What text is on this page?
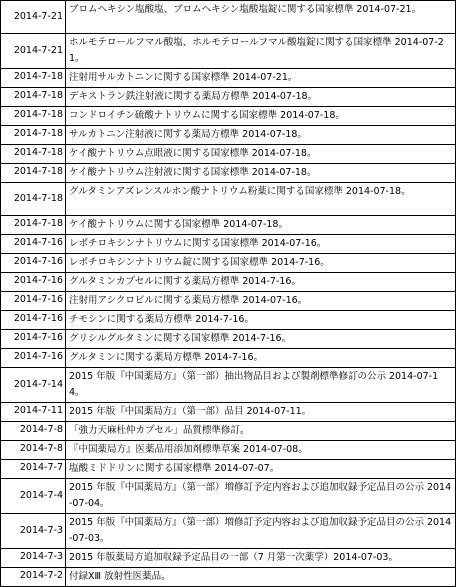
2014-7-21	ブロムヘキシン塩酸塩、ブロムヘキシン塩酸塩錠に関する国家標準 2014-07-21。
2014-7-21	ホルモテロールフマル酸塩、ホルモテロールフマル酸塩錠に関する国家標準 2014-07-21。
2014-7-18	注射用サルカトニンに関する国家標準 2014-07-21。
2014-7-18	デキストラン鉄注射液に関する薬局方標準 2014-07-18。
2014-7-18	コンドロイチン硫酸ナトリウムに関する国家標準 2014-07-18。
2014-7-18	サルカトニン注射液に関する薬局方標準 2014-07-18。
2014-7-18	ケイ酸ナトリウム点眼液に関する国家標準 2014-07-18。
2014-7-18	ケイ酸ナトリウム注射液に関する国家標準 2014-07-18。
2014-7-18	グルタミンアズレンスルホン酸ナトリウム粉薬に関する国家標準 2014-07-18。
2014-7-18	ケイ酸ナトリウムに関する国家標準 2014-07-18。
2014-7-16	レボチロキシンナトリウムに関する国家標準 2014-07-16。
2014-7-16	レボチロキシンナトリウム錠に関する国家標準 2014-7-16。
2014-7-16	グルタミンカプセルに関する薬局方標準 2014-7-16。
2014-7-16	注射用アシクロビルに関する薬局方標準 2014-07-16。
2014-7-16	チモシンに関する薬局方標準 2014-7-16。
2014-7-16	グリシルグルタミンに関する国家標準 2014-7-16。
2014-7-16	グルタミンに関する薬局方標準 2014-7-16。
2014-7-14	2015 年版『中国薬局方』（第一部）抽出物品目および製剤標準修訂の公示 2014-07-14。
2014-7-11	2015 年版『中国薬局方』（第一部）品目 2014-07-11。
2014-7-8	「強力天麻杜仲カプセル」品質標準修訂。
2014-7-8	『中国薬局方』医薬品用添加剤標準草案 2014-07-08。
2014-7-7	塩酸ミドドリンに関する国家標準 2014-07-07。
2014-7-4	2015 年版『中国薬局方』（第一部）増修訂予定内容および追加収録予定品目の公示 2014-07-04。
2014-7-3	2015 年版『中国薬局方』（第一部）増修訂予定内容および追加収録予定品目の公示 2014-07-03。
2014-7-3	2015 年版薬局方追加収録予定品目の一部（7 月第一次薬学）2014-07-03。
2014-7-2	付録ⅩⅢ 放射性医薬品。
